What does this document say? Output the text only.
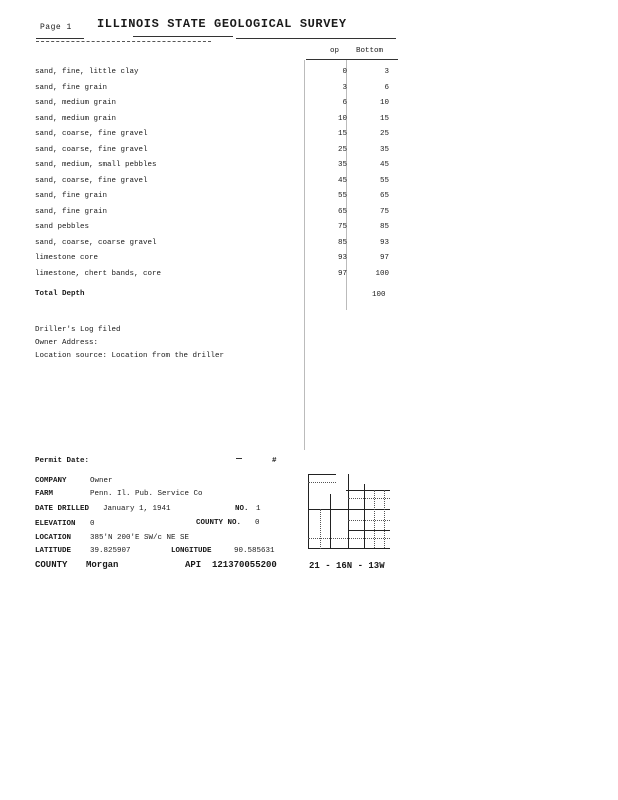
Page 1 ILLINOIS STATE GEOLOGICAL SURVEY
op Bottom
sand, fine, little clay	0	3
sand, fine grain	3	6
sand, medium grain	6	10
sand, medium grain	10	15
sand, coarse, fine gravel	15	25
sand, coarse, fine gravel	25	35
sand, medium, small pebbles	35	45
sand, coarse, fine gravel	45	55
sand, fine grain	55	65
sand, fine grain	65	75
sand pebbles	75	85
sand, coarse, coarse gravel	85	93
limestone core	93	97
limestone, chert bands, core	97	100
Total Depth	100
Driller's Log filed
Owner Address:
Location source: Location from the driller
Permit Date:	#
COMPANY	Owner
FARM	Penn. Il. Pub. Service Co
DATE DRILLED January 1, 1941	NO. 1
ELEVATION 0	COUNTY NO. 0
LOCATION	385'N 200'E SW/c NE SE
LATITUDE	39.825907	LONGITUDE	90.585631
COUNTY Morgan	API 121370055200	21 - 16N - 13W
